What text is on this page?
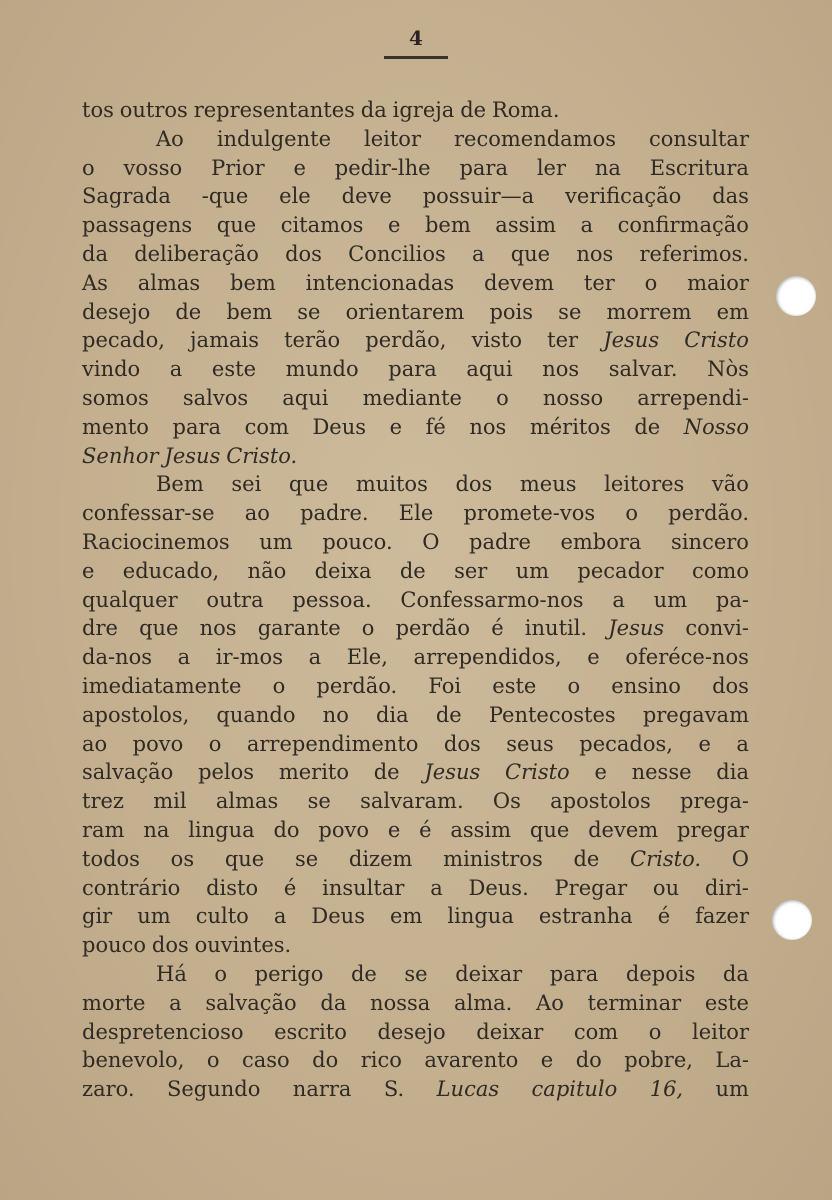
4
tos outros representantes da igreja de Roma.
Ao indulgente leitor recomendamos consultar
o vosso Prior e pedir-lhe para ler na Escritura
Sagrada -que ele deve possuir—a verificação das
passagens que citamos e bem assim a confirmação
da deliberação dos Concilios a que nos referimos.
As almas bem intencionadas devem ter o maior
desejo de bem se orientarem pois se morrem em
pecado, jamais terão perdão, visto ter Jesus Cristo
vindo a este mundo para aqui nos salvar. Nòs
somos salvos aqui mediante o nosso arrependi-
mento para com Deus e fé nos méritos de Nosso
Senhor Jesus Cristo.
Bem sei que muitos dos meus leitores vão
confessar-se ao padre. Ele promete-vos o perdão.
Raciocinemos um pouco. O padre embora sincero
e educado, não deixa de ser um pecador como
qualquer outra pessoa. Confessarmo-nos a um pa-
dre que nos garante o perdão é inutil. Jesus convi-
da-nos a ir-mos a Ele, arrependidos, e oferéce-nos
imediatamente o perdão. Foi este o ensino dos
apostolos, quando no dia de Pentecostes pregavam
ao povo o arrependimento dos seus pecados, e a
salvação pelos merito de Jesus Cristo e nesse dia
trez mil almas se salvaram. Os apostolos prega-
ram na lingua do povo e é assim que devem pregar
todos os que se dizem ministros de Cristo. O
contrário disto é insultar a Deus. Pregar ou diri-
gir um culto a Deus em lingua estranha é fazer
pouco dos ouvintes.
Há o perigo de se deixar para depois da
morte a salvação da nossa alma. Ao terminar este
despretencioso escrito desejo deixar com o leitor
benevolo, o caso do rico avarento e do pobre, La-
zaro. Segundo narra S. Lucas capitulo 16, um
